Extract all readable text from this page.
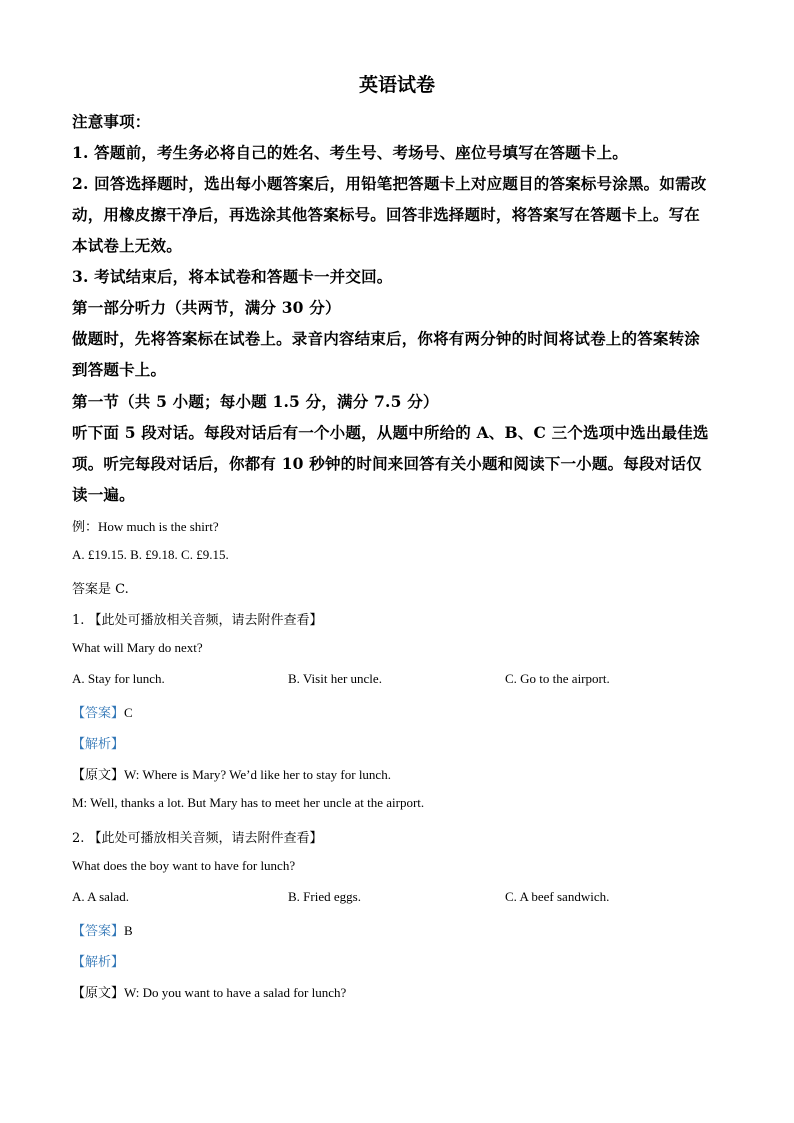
英语试卷
注意事项：
1. 答题前，考生务必将自己的姓名、考生号、考场号、座位号填写在答题卡上。
2. 回答选择题时，选出每小题答案后，用铅笔把答题卡上对应题目的答案标号涂黑。如需改
动，用橡皮擦干净后，再选涂其他答案标号。回答非选择题时，将答案写在答题卡上。写在
本试卷上无效。
3. 考试结束后，将本试卷和答题卡一并交回。
第一部分听力（共两节，满分 30 分）
做题时，先将答案标在试卷上。录音内容结束后，你将有两分钟的时间将试卷上的答案转涂
到答题卡上。
第一节（共 5 小题；每小题 1.5 分，满分 7.5 分）
听下面 5 段对话。每段对话后有一个小题，从题中所给的 A、B、C 三个选项中选出最佳选
项。听完每段对话后，你都有 10 秒钟的时间来回答有关小题和阅读下一小题。每段对话仅
读一遍。
例：How much is the shirt?
A. £19.15. B. £9.18. C. £9.15.
答案是 C.
1. 【此处可播放相关音频，请去附件查看】
What will Mary do next?
A. Stay for lunch.	B. Visit her uncle.	C. Go to the airport.
【答案】C
【解析】
【原文】W: Where is Mary? We’d like her to stay for lunch.
M: Well, thanks a lot. But Mary has to meet her uncle at the airport.
2. 【此处可播放相关音频，请去附件查看】
What does the boy want to have for lunch?
A. A salad.	B. Fried eggs.	C. A beef sandwich.
【答案】B
【解析】
【原文】W: Do you want to have a salad for lunch?
